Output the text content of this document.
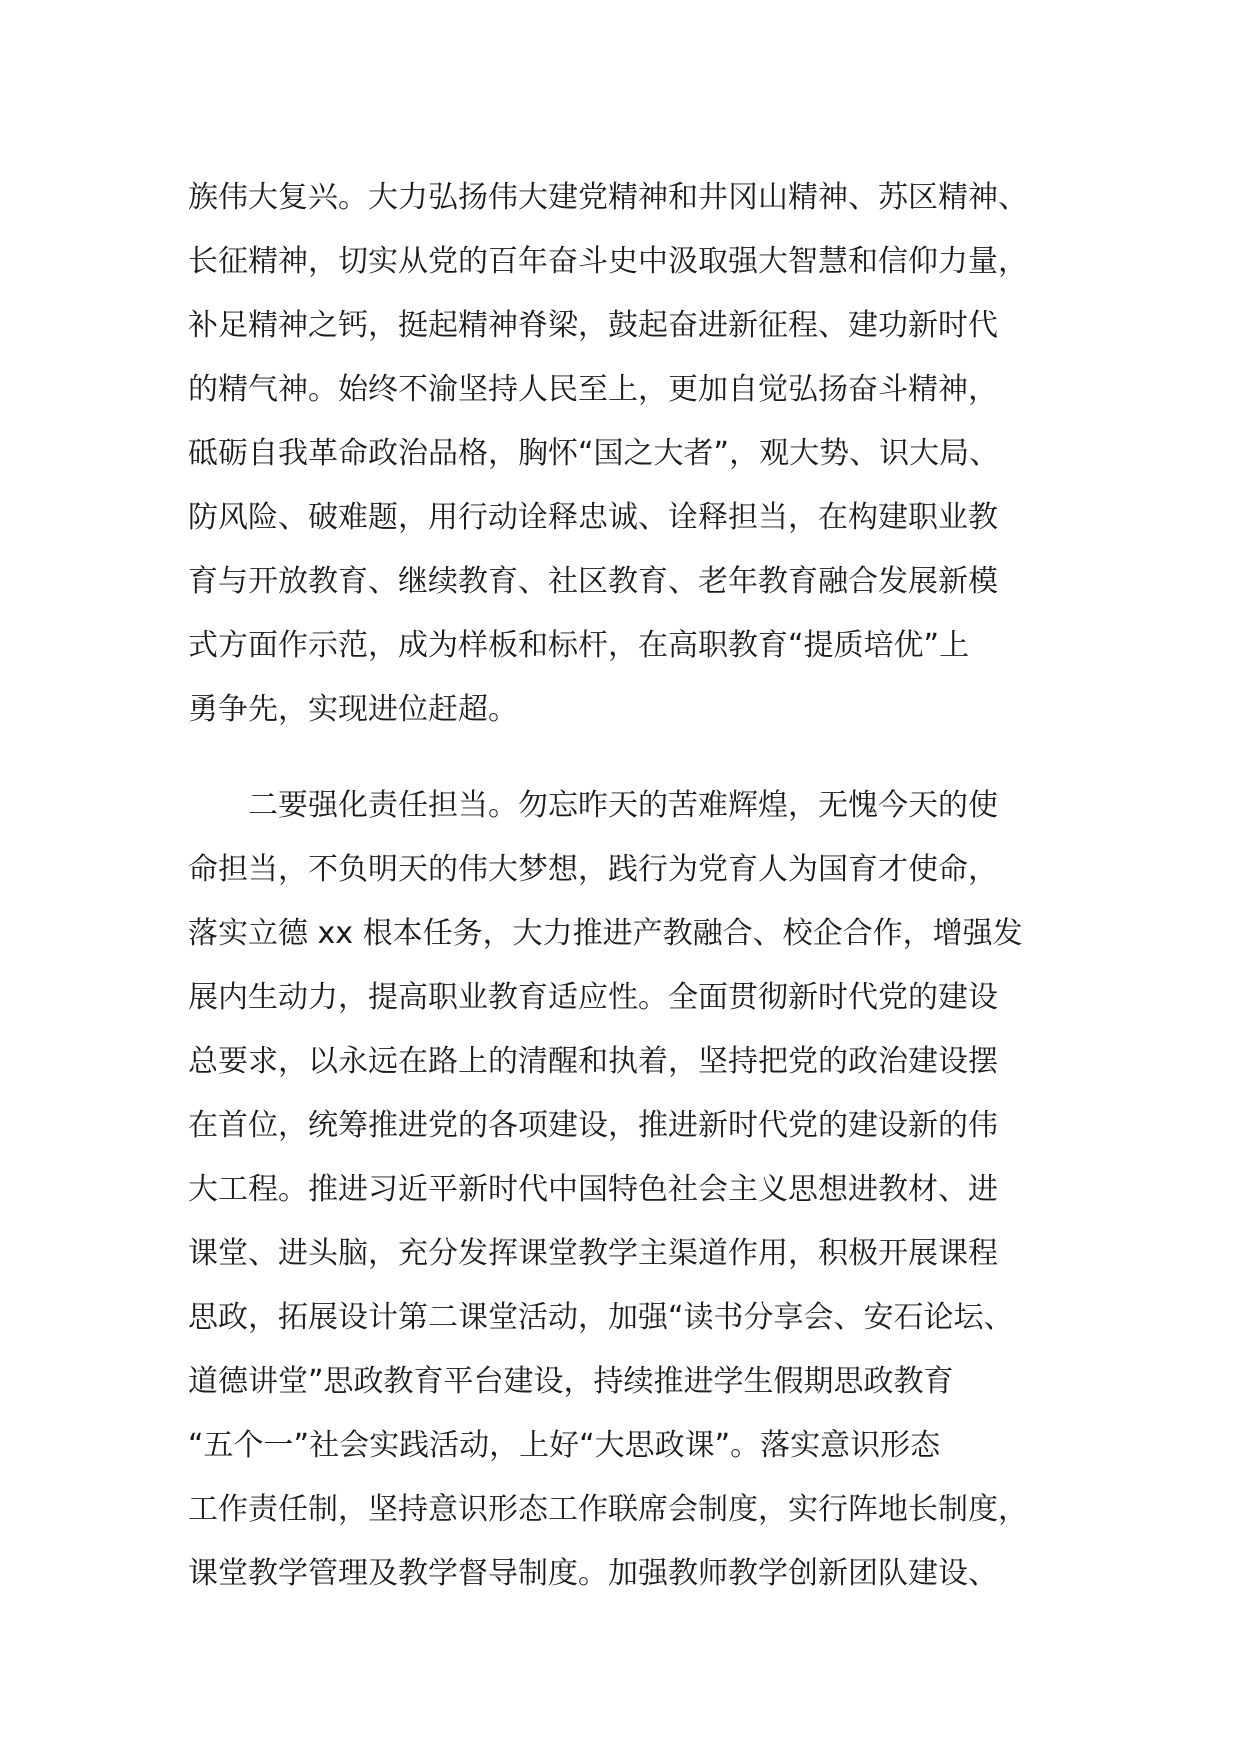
族伟大复兴。大力弘扬伟大建党精神和井冈山精神、苏区精神、
长征精神，切实从党的百年奋斗史中汲取强大智慧和信仰力量，
补足精神之钙，挺起精神脊梁，鼓起奋进新征程、建功新时代
的精气神。始终不渝坚持人民至上，更加自觉弘扬奋斗精神，
砥砺自我革命政治品格，胸怀“国之大者”，观大势、识大局、
防风险、破难题，用行动诠释忠诚、诠释担当，在构建职业教
育与开放教育、继续教育、社区教育、老年教育融合发展新模
式方面作示范，成为样板和标杆，在高职教育“提质培优”上
勇争先，实现进位赶超。
　　二要强化责任担当。勿忘昨天的苦难辉煌，无愧今天的使
命担当，不负明天的伟大梦想，践行为党育人为国育才使命，
落实立德 xx 根本任务，大力推进产教融合、校企合作，增强发
展内生动力，提高职业教育适应性。全面贯彻新时代党的建设
总要求，以永远在路上的清醒和执着，坚持把党的政治建设摆
在首位，统筹推进党的各项建设，推进新时代党的建设新的伟
大工程。推进习近平新时代中国特色社会主义思想进教材、进
课堂、进头脑，充分发挥课堂教学主渠道作用，积极开展课程
思政，拓展设计第二课堂活动，加强“读书分享会、安石论坛、
道德讲堂”思政教育平台建设，持续推进学生假期思政教育
“五个一”社会实践活动，上好“大思政课”。落实意识形态
工作责任制，坚持意识形态工作联席会制度，实行阵地长制度，
课堂教学管理及教学督导制度。加强教师教学创新团队建设、
